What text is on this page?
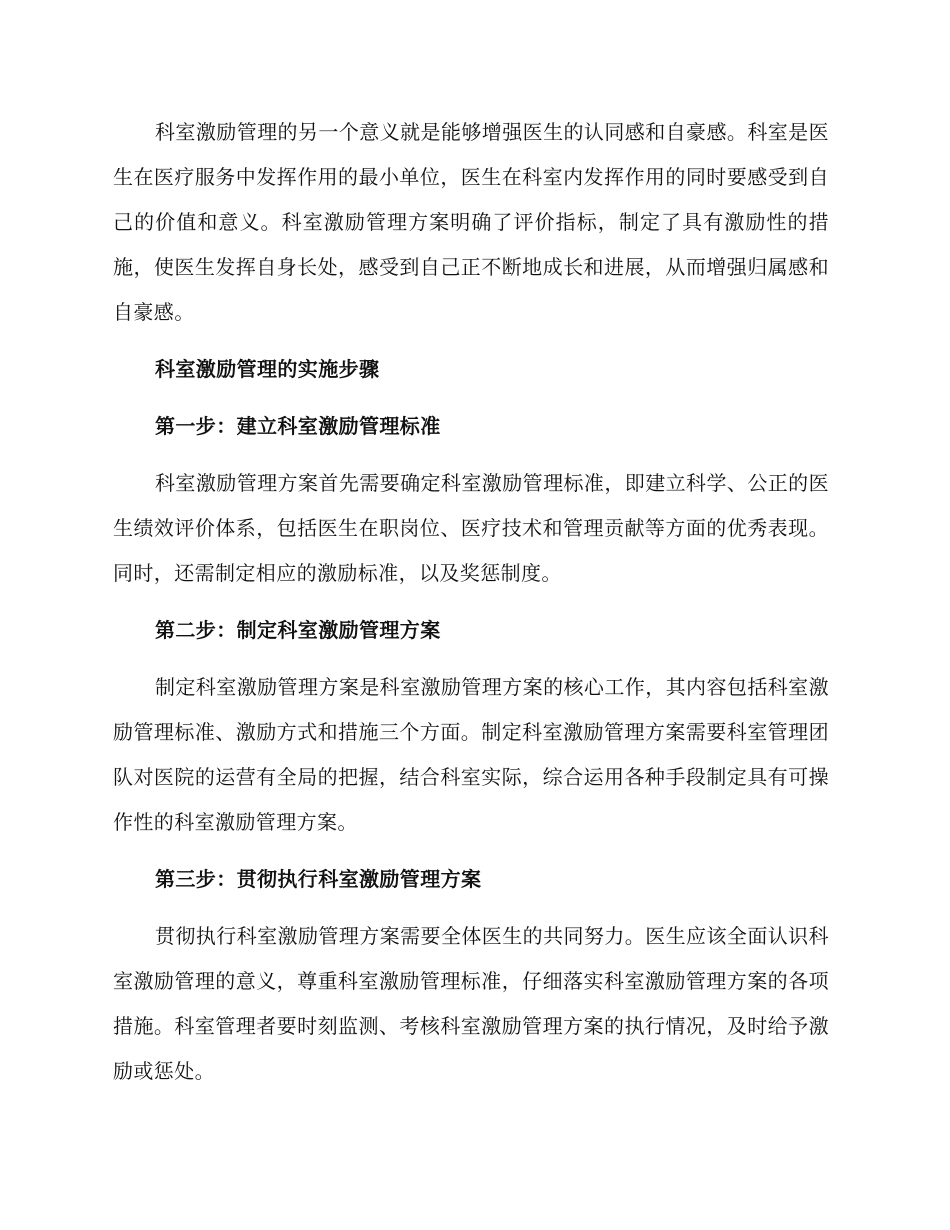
科室激励管理的另一个意义就是能够增强医生的认同感和自豪感。科室是医生在医疗服务中发挥作用的最小单位，医生在科室内发挥作用的同时要感受到自己的价值和意义。科室激励管理方案明确了评价指标，制定了具有激励性的措施，使医生发挥自身长处，感受到自己正不断地成长和进展，从而增强归属感和自豪感。

科室激励管理的实施步骤

第一步：建立科室激励管理标准

科室激励管理方案首先需要确定科室激励管理标准，即建立科学、公正的医生绩效评价体系，包括医生在职岗位、医疗技术和管理贡献等方面的优秀表现。同时，还需制定相应的激励标准，以及奖惩制度。

第二步：制定科室激励管理方案

制定科室激励管理方案是科室激励管理方案的核心工作，其内容包括科室激励管理标准、激励方式和措施三个方面。制定科室激励管理方案需要科室管理团队对医院的运营有全局的把握，结合科室实际，综合运用各种手段制定具有可操作性的科室激励管理方案。

第三步：贯彻执行科室激励管理方案

贯彻执行科室激励管理方案需要全体医生的共同努力。医生应该全面认识科室激励管理的意义，尊重科室激励管理标准，仔细落实科室激励管理方案的各项措施。科室管理者要时刻监测、考核科室激励管理方案的执行情况，及时给予激励或惩处。
